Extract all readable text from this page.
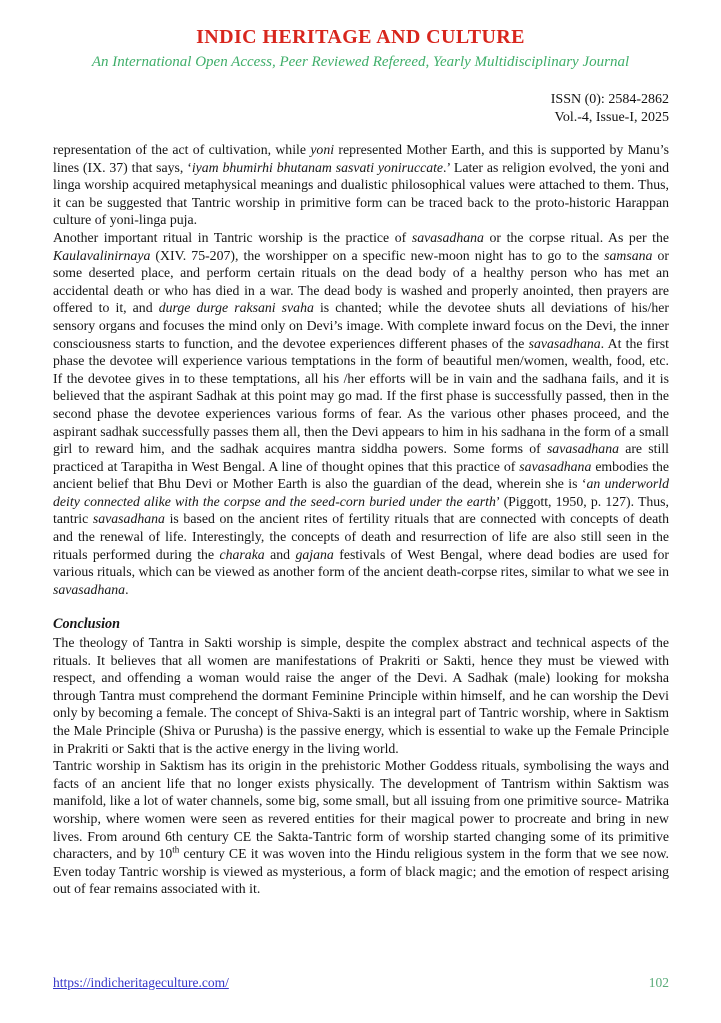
INDIC HERITAGE AND CULTURE
An International Open Access, Peer Reviewed Refereed, Yearly Multidisciplinary Journal
ISSN (0): 2584-2862
Vol.-4, Issue-I, 2025

representation of the act of cultivation, while yoni represented Mother Earth, and this is supported by Manu’s lines (IX. 37) that says, ‘iyam bhumirhi bhutanam sasvati yoniruccate.’ Later as religion evolved, the yoni and linga worship acquired metaphysical meanings and dualistic philosophical values were attached to them. Thus, it can be suggested that Tantric worship in primitive form can be traced back to the proto-historic Harappan culture of yoni-linga puja.

Another important ritual in Tantric worship is the practice of savasadhana or the corpse ritual. As per the Kaulavalinirnaya (XIV. 75-207), the worshipper on a specific new-moon night has to go to the samsana or some deserted place, and perform certain rituals on the dead body of a healthy person who has met an accidental death or who has died in a war. The dead body is washed and properly anointed, then prayers are offered to it, and durge durge raksani svaha is chanted; while the devotee shuts all deviations of his/her sensory organs and focuses the mind only on Devi’s image. With complete inward focus on the Devi, the inner consciousness starts to function, and the devotee experiences different phases of the savasadhana. At the first phase the devotee will experience various temptations in the form of beautiful men/women, wealth, food, etc. If the devotee gives in to these temptations, all his /her efforts will be in vain and the sadhana fails, and it is believed that the aspirant Sadhak at this point may go mad. If the first phase is successfully passed, then in the second phase the devotee experiences various forms of fear. As the various other phases proceed, and the aspirant sadhak successfully passes them all, then the Devi appears to him in his sadhana in the form of a small girl to reward him, and the sadhak acquires mantra siddha powers. Some forms of savasadhana are still practiced at Tarapitha in West Bengal. A line of thought opines that this practice of savasadhana embodies the ancient belief that Bhu Devi or Mother Earth is also the guardian of the dead, wherein she is ‘an underworld deity connected alike with the corpse and the seed-corn buried under the earth’ (Piggott, 1950, p. 127). Thus, tantric savasadhana is based on the ancient rites of fertility rituals that are connected with concepts of death and the renewal of life. Interestingly, the concepts of death and resurrection of life are also still seen in the rituals performed during the charaka and gajana festivals of West Bengal, where dead bodies are used for various rituals, which can be viewed as another form of the ancient death-corpse rites, similar to what we see in savasadhana.

Conclusion

The theology of Tantra in Sakti worship is simple, despite the complex abstract and technical aspects of the rituals. It believes that all women are manifestations of Prakriti or Sakti, hence they must be viewed with respect, and offending a woman would raise the anger of the Devi. A Sadhak (male) looking for moksha through Tantra must comprehend the dormant Feminine Principle within himself, and he can worship the Devi only by becoming a female. The concept of Shiva-Sakti is an integral part of Tantric worship, where in Saktism the Male Principle (Shiva or Purusha) is the passive energy, which is essential to wake up the Female Principle in Prakriti or Sakti that is the active energy in the living world.

Tantric worship in Saktism has its origin in the prehistoric Mother Goddess rituals, symbolising the ways and facts of an ancient life that no longer exists physically. The development of Tantrism within Saktism was manifold, like a lot of water channels, some big, some small, but all issuing from one primitive source- Matrika worship, where women were seen as revered entities for their magical power to procreate and bring in new lives. From around 6th century CE the Sakta-Tantric form of worship started changing some of its primitive characters, and by 10th century CE it was woven into the Hindu religious system in the form that we see now. Even today Tantric worship is viewed as mysterious, a form of black magic; and the emotion of respect arising out of fear remains associated with it.

https://indicheritageculture.com/	102
